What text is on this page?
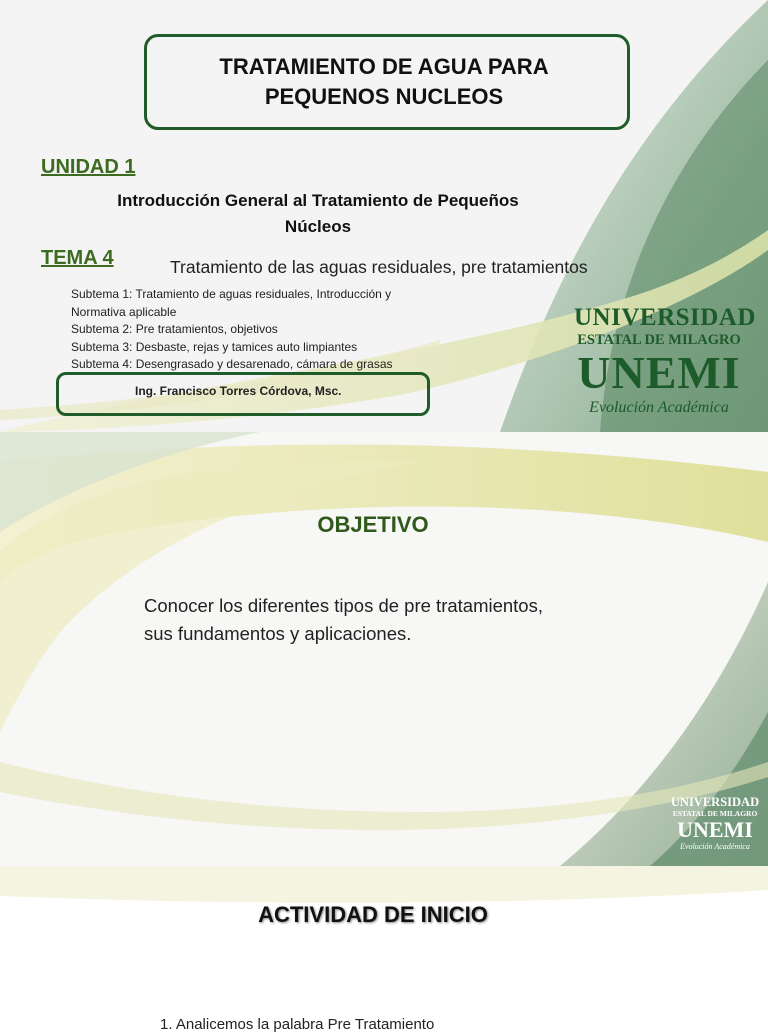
TRATAMIENTO DE AGUA PARA
PEQUENOS NUCLEOS
UNIDAD 1
Introducción General al Tratamiento de Pequeños
Núcleos
TEMA 4	Tratamiento de las aguas residuales, pre tratamientos
Subtema 1: Tratamiento de aguas residuales, Introducción y
Normativa aplicable
Subtema 2: Pre tratamientos, objetivos
Subtema 3: Desbaste, rejas y tamices auto limpiantes
Subtema 4: Desengrasado y desarenado, cámara de grasas
Ing. Francisco Torres Córdova, Msc.
UNIVERSIDAD
ESTATAL DE MILAGRO
UNEMI
Evolución Académica
OBJETIVO
Conocer los diferentes tipos de pre tratamientos,
sus fundamentos y aplicaciones.
UNIVERSIDAD
ESTATAL DE MILAGRO
UNEMI
Evolución Académica
ACTIVIDAD DE INICIO
1. Analicemos la palabra Pre Tratamiento
